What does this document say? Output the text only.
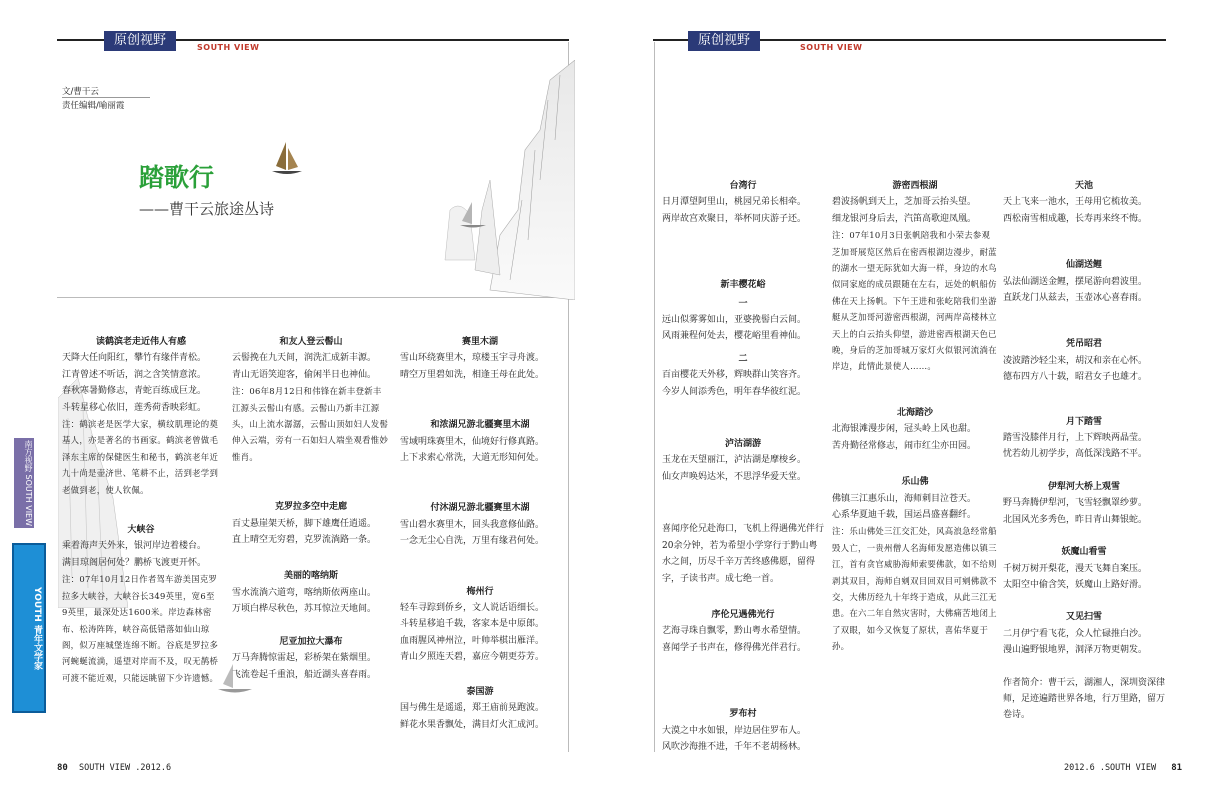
原创视野	SOUTH VIEW	原创视野	SOUTH VIEW
文/曹干云
责任编辑/喻丽霞
踏歌行
——曹干云旅途丛诗
南方视野 SOUTH VIEW
YOUTH 青年文学家
读鹤滨老走近伟人有感
天降大任向阳红，攀竹有缘伴青松。
江青曾述不听话，润之含笑情意浓。
春秋寒暑勤修志，青蛇百练成巨龙。
斗转星移心依旧，莲秀荷香映彩虹。
注：鹤滨老是医学大家，横纹肌理论的奠基人，亦是著名的书画家。鹤滨老曾做毛泽东主席的保健医生和秘书，鹤滨老年近九十尚是壶济世、笔耕不止，活到老学到老做到老，使人钦佩。
大峡谷
乘着海声天外来，银河岸边着楼台。
满目琼阁居何处？鹏桥飞渡更开怀。
注：07年10月12日作者驾车游美国克罗拉多大峡谷，大峡谷长349英里，宽6至9英里，最深处达1600米。岸边森林密布、松涛阵阵，峡谷高低错落如仙山琼阁，似万座城堡连绵不断。谷底是罗拉多河蜿蜒流淌，遥望对岸而不及，叹无鹊桥可渡不能近观，只能远眺留下少许遗憾。
和友人登云髻山
云髻挽在九天间，润洗汇成新丰源。
青山无语笑迎客，偷闲半日也神仙。
注：06年8月12日和伟锋在新丰登新丰江源头云髻山有感。云髻山乃新丰江源头，山上流水潺潺，云髻山顶如妇人发髻伸入云端，旁有一石如妇人端坐观看惟妙惟肖。
克罗拉多空中走廊
百丈悬崖架天桥，脚下雄鹰任逍遥。
直上晴空无穷碧，克罗流淌路一条。
美丽的喀纳斯
雪水流淌六道弯，喀纳斯依两座山。
万顷白桦尽秋色，苏耳惊泣天地间。
尼亚加拉大瀑布
万马奔腾惊雷起，彩桥架在紫烟里。
飞流卷起千重浪，船近湖头喜春雨。
赛里木湖
雪山环绕赛里木，琼楼玉宇寻舟渡。
晴空万里碧如洗，相逢王母在此处。
和浓湖兄游北疆赛里木湖
雪域明珠赛里木，仙境好行修真路。
上下求索心常洗，大道无形知何处。
付沐湖兄游北疆赛里木湖
雪山碧水赛里木，回头我意修仙路。
一念无尘心自洗，万里有缘君何处。
梅州行
轻车寻踪到侨乡，文人说话语细长。
斗转星移追千载，客家本是中原郎。
血雨腥风神州泣，叶帅举棋出雁洋。
青山夕照连天碧，嘉应今朝更芬芳。
泰国游
国与佛生是遥遥，郑王庙前晃跑波。
鲜花水果香飘处，满目灯火汇成河。
台湾行
日月潭望阿里山，桃园兄弟长相牵。
两岸故宫欢聚日，举杯同庆游子还。
新丰樱花峪
一
远山似雾雾如山，亚婆挽髻白云间。
风雨兼程何处去，樱花峪里看神仙。
二
百亩樱花天外移，辉映群山笑容齐。
今岁人间添秀色，明年春华彼红泥。
泸沽湖游
玉龙在天望丽江，泸沽湖是摩梭乡。
仙女声唤妈达米，不思浮华爱天堂。
喜闻序伦兄赴海口，飞机上得遇佛光伴行20余分钟，若为希望小学穿行于黔山粤水之间，历尽千辛万苦终感佛愿，留得字，子读书声。成七绝一首。
序伦兄遇佛光行
艺海寻珠自飘零，黔山粤水希望情。
喜闻学子书声在，修得佛光伴君行。
罗布村
大漠之中水如银，岸边居住罗布人。
风吹沙海推不进，千年不老胡杨林。
游密西根湖
碧波扬帆到天上，芝加哥云抬头望。
细龙银河身后去，汽笛高歌迎凤凰。
注：07年10月3日张帆陪我和小荣去参观芝加哥展览区然后在密西根湖边漫步，耐蓝的湖水一望无际犹如大海一样，身边的水鸟似同家庭的成员跟随在左右，远处的帆船仿佛在天上扬帆。下午王进和张屹陪我们坐游艇从芝加哥河游密西根湖，河两岸高楼林立天上的白云抬头仰望，游进密西根湖天色已晚，身后的芝加哥城万家灯火似银河流淌在岸边，此情此景使人……。
北海踏沙
北海银滩漫步闲，冠头岭上风也甜。
苦舟勤径常修志，闹市红尘亦田园。
乐山佛
佛镇三江惠乐山，海师刺目泣苍天。
心系华夏迪千载，国运昌盛喜翻纤。
注：乐山佛处三江交汇处，风高浪急经常船毁人亡，一贵州僧人名海师发愿造佛以镇三江，首有贪官威胁海师索要佛款，如不给则剥其双目，海师自剜双目回双目可剜佛款不交，大佛历经九十年终于造成，从此三江无患。在六二年自然灾害时，大佛痛苦地闭上了双眼，如今又恢复了原状，喜佑华夏于孙。
天池
天上飞来一池水，王母用它梳妆美。
西松南雪相成趣，长寿再来终不悔。
仙湖送鲤
弘法仙湖送金鲤，摆尾游向碧波里。
直跃龙门从兹去，玉壶冰心喜春雨。
凭吊昭君
凌波踏沙轻尘来，胡汉和亲在心怀。
德布四方八十载，昭君女子也雄才。
月下踏雪
踏雪没膝伴月行，上下辉映两晶莹。
忧若幼儿初学步，高低深浅路不平。
伊犁河大桥上观雪
野马奔腾伊犁河，飞雪轻飘罩纱萝。
北国风光多秀色，昨日青山舞银蛇。
妖魔山看雪
千树万树开梨花，漫天飞舞自案压。
太阳空中偷含笑，妖魔山上路好滑。
又见扫雪
二月伊宁看飞花，众人忙碌推白沙。
漫山遍野银地界，洞泽万物更朝发。
作者简介：曹干云，湖湘人，深圳资深律师，足迹遍踏世界各地，行万里路，留万卷诗。
80 SOUTH VIEW .2012.6	2012.6 .SOUTH VIEW 81
